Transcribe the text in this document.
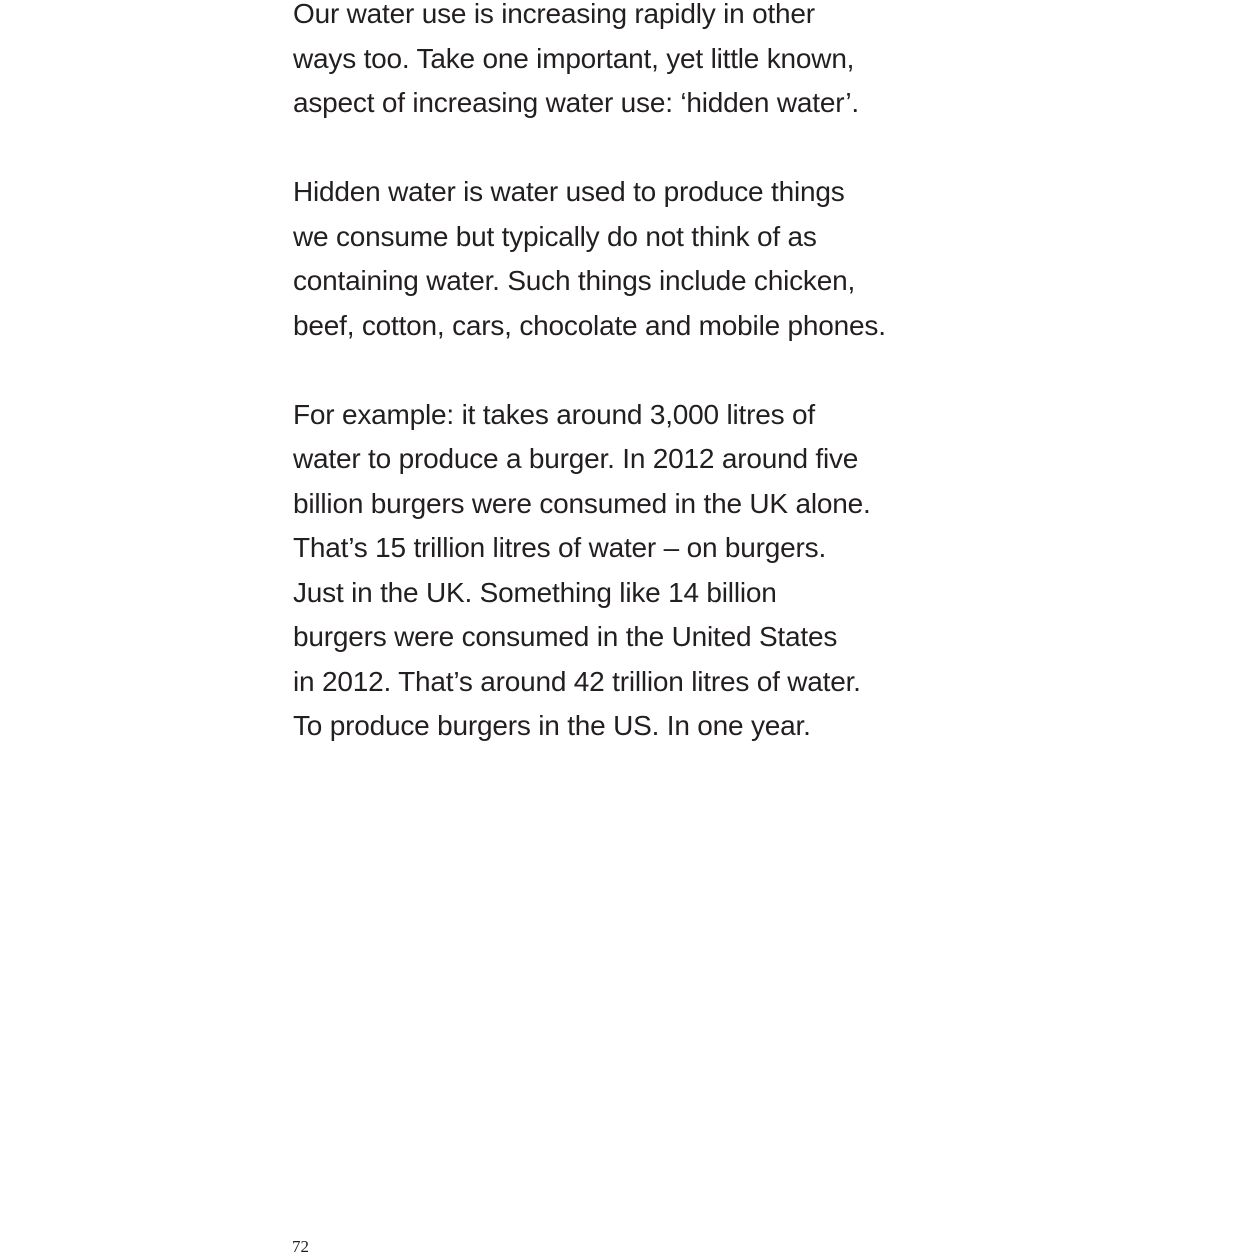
Our water use is increasing rapidly in other
ways too. Take one important, yet little known,
aspect of increasing water use: ‘hidden water’.

Hidden water is water used to produce things
we consume but typically do not think of as
containing water. Such things include chicken,
beef, cotton, cars, chocolate and mobile phones.

For example: it takes around 3,000 litres of
water to produce a burger. In 2012 around five
billion burgers were consumed in the UK alone.
That’s 15 trillion litres of water – on burgers.
Just in the UK. Something like 14 billion
burgers were consumed in the United States
in 2012. That’s around 42 trillion litres of water.
To produce burgers in the US. In one year.

72
